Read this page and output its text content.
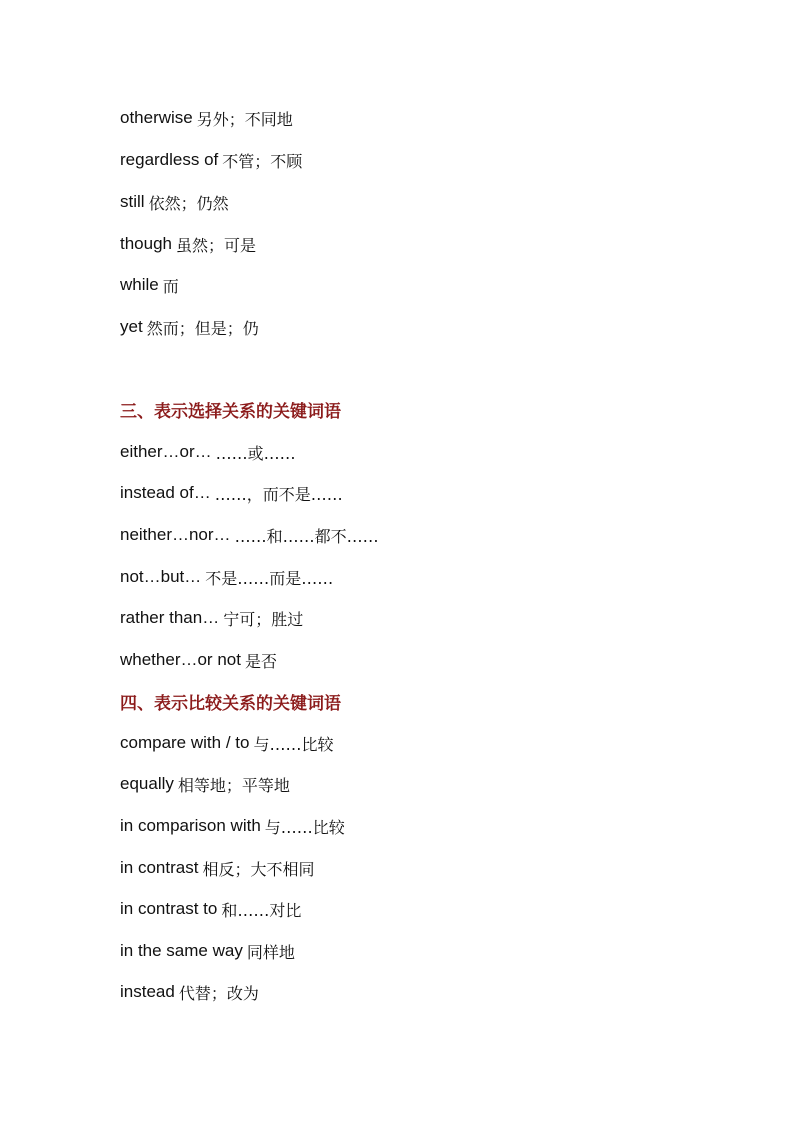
otherwise 另外；不同地
regardless of 不管；不顾
still 依然；仍然
though 虽然；可是
while 而
yet 然而；但是；仍
三、表示选择关系的关键词语
either…or… ……或……
instead of… ……，而不是……
neither…nor… ……和……都不……
not…but… 不是……而是……
rather than… 宁可；胜过
whether…or not 是否
四、表示比较关系的关键词语
compare with / to 与……比较
equally 相等地；平等地
in comparison with 与……比较
in contrast 相反；大不相同
in contrast to 和……对比
in the same way 同样地
instead 代替；改为
